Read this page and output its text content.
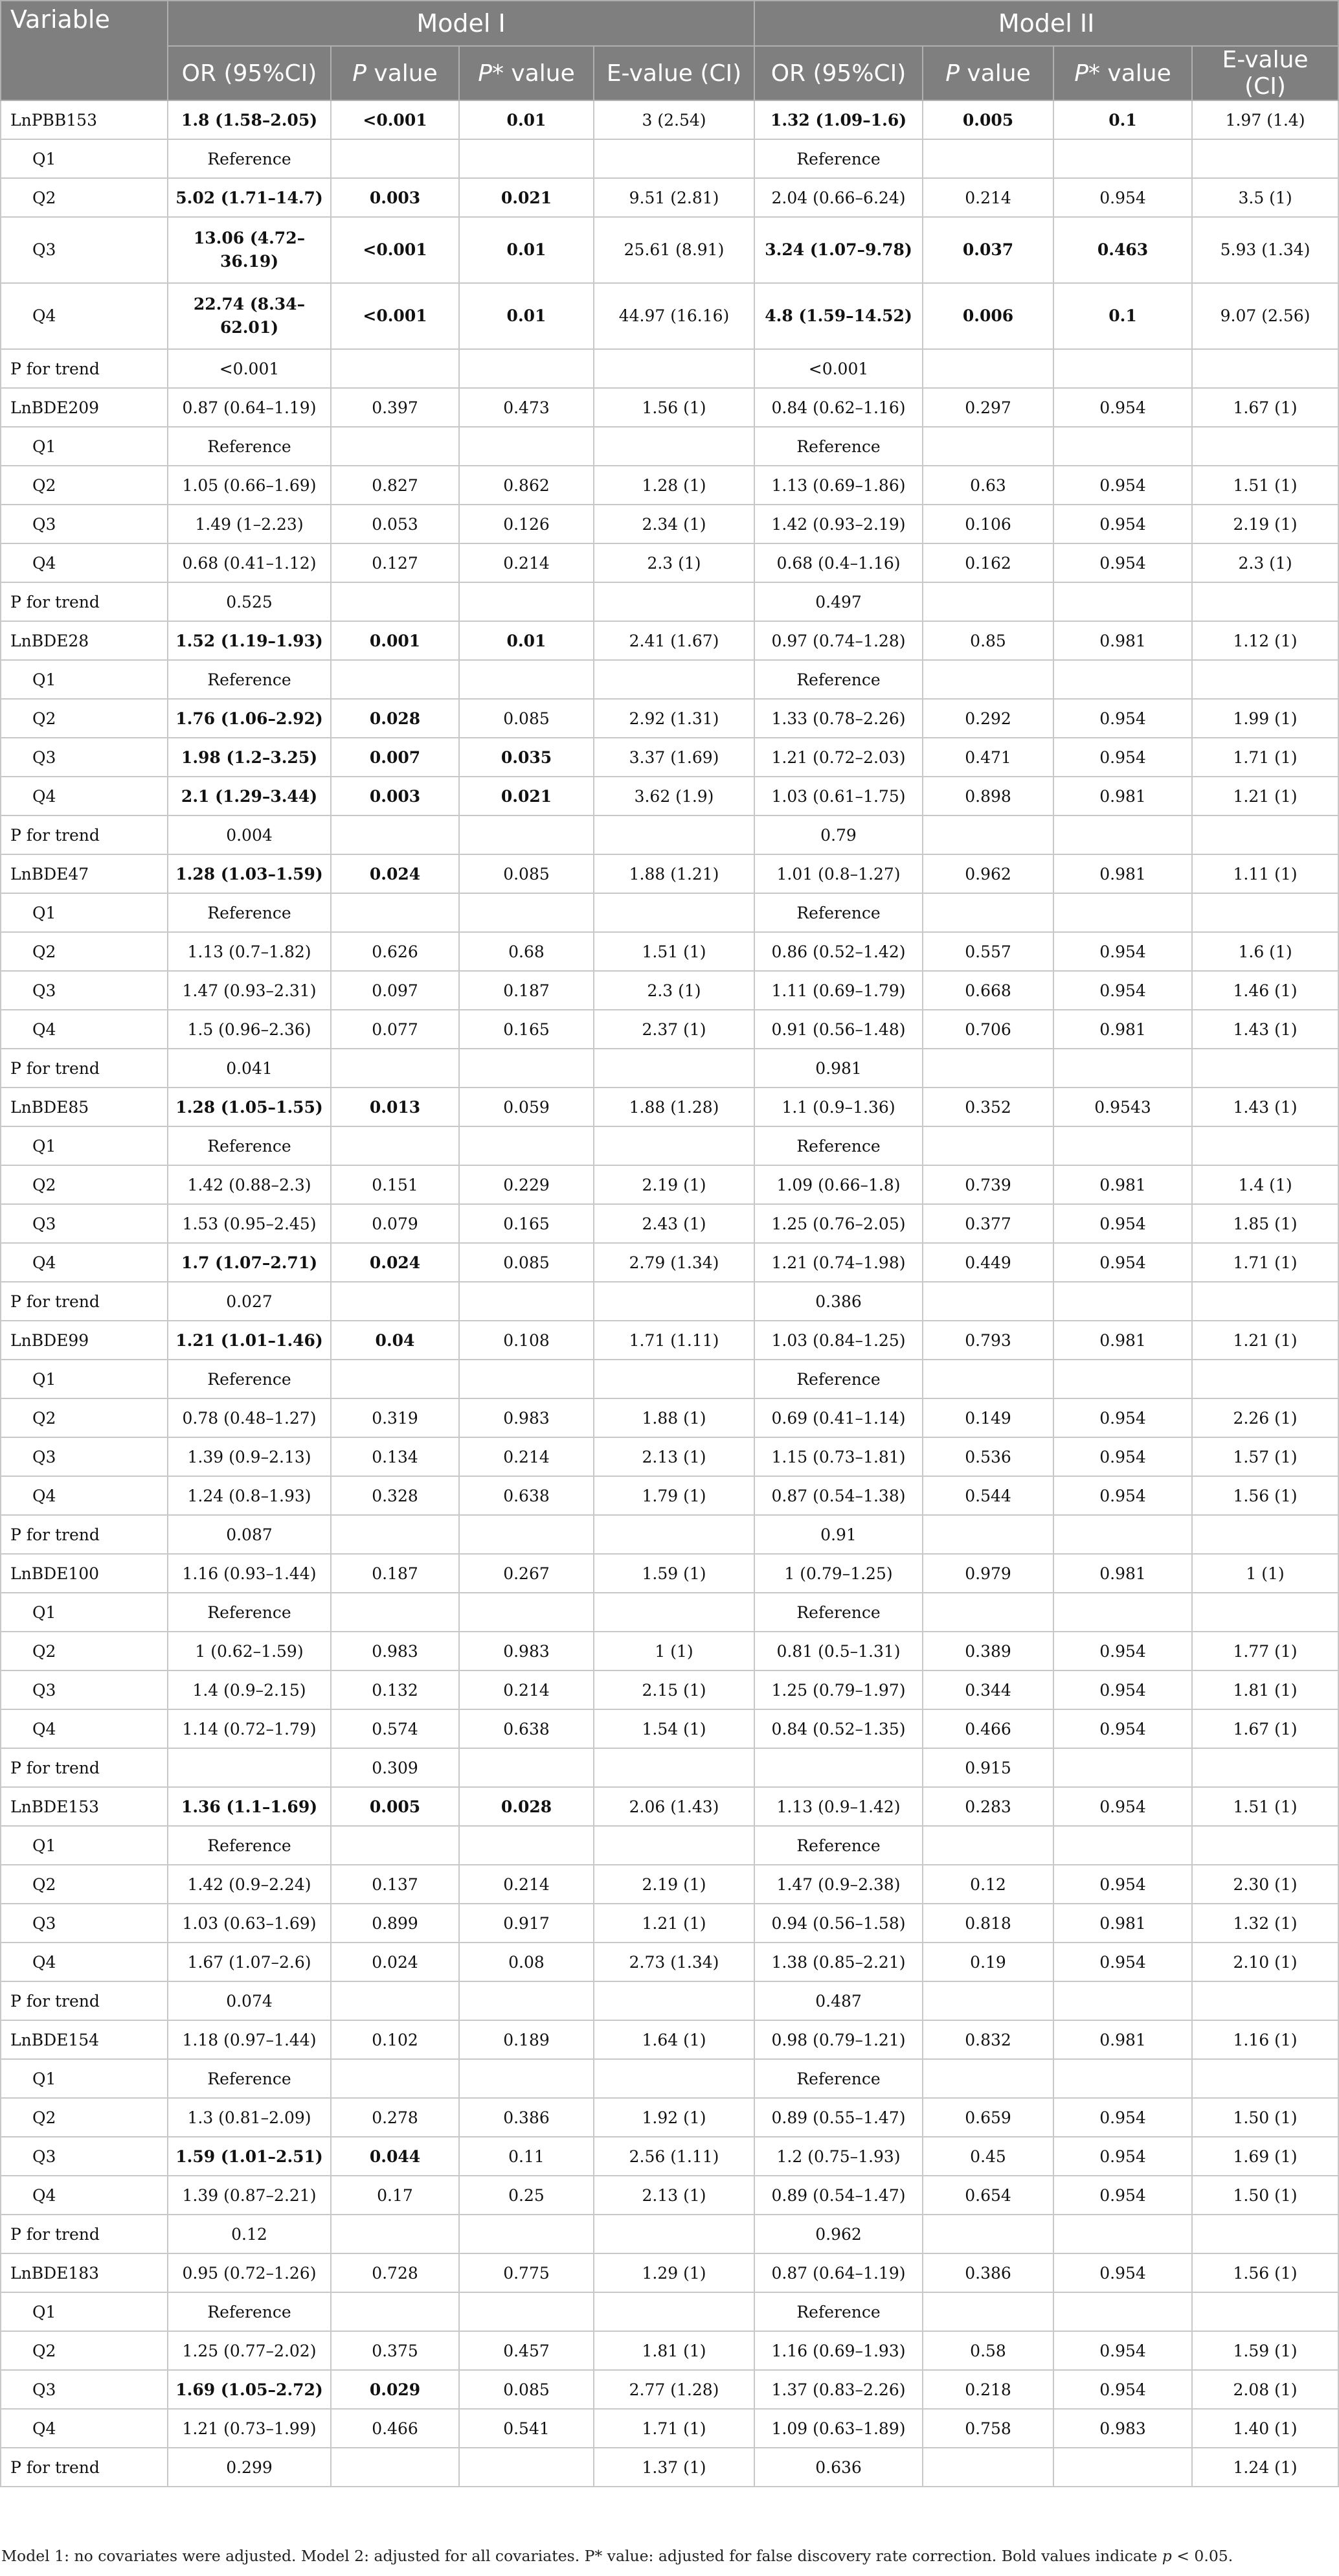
Variable	Model I				Model II			
	OR (95%CI)	P value	P* value	E-value (CI)	OR (95%CI)	P value	P* value	E-value (CI)
LnPBB153	1.8 (1.58–2.05)	<0.001	0.01	3 (2.54)	1.32 (1.09–1.6)	0.005	0.1	1.97 (1.4)
Q1	Reference				Reference			
Q2	5.02 (1.71–14.7)	0.003	0.021	9.51 (2.81)	2.04 (0.66–6.24)	0.214	0.954	3.5 (1)
Q3	13.06 (4.72–36.19)	<0.001	0.01	25.61 (8.91)	3.24 (1.07–9.78)	0.037	0.463	5.93 (1.34)
Q4	22.74 (8.34–62.01)	<0.001	0.01	44.97 (16.16)	4.8 (1.59–14.52)	0.006	0.1	9.07 (2.56)
P for trend	<0.001				<0.001			
LnBDE209	0.87 (0.64–1.19)	0.397	0.473	1.56 (1)	0.84 (0.62–1.16)	0.297	0.954	1.67 (1)
Q1	Reference				Reference			
Q2	1.05 (0.66–1.69)	0.827	0.862	1.28 (1)	1.13 (0.69–1.86)	0.63	0.954	1.51 (1)
Q3	1.49 (1–2.23)	0.053	0.126	2.34 (1)	1.42 (0.93–2.19)	0.106	0.954	2.19 (1)
Q4	0.68 (0.41–1.12)	0.127	0.214	2.3 (1)	0.68 (0.4–1.16)	0.162	0.954	2.3 (1)
P for trend	0.525				0.497			
LnBDE28	1.52 (1.19–1.93)	0.001	0.01	2.41 (1.67)	0.97 (0.74–1.28)	0.85	0.981	1.12 (1)
Q1	Reference				Reference			
Q2	1.76 (1.06–2.92)	0.028	0.085	2.92 (1.31)	1.33 (0.78–2.26)	0.292	0.954	1.99 (1)
Q3	1.98 (1.2–3.25)	0.007	0.035	3.37 (1.69)	1.21 (0.72–2.03)	0.471	0.954	1.71 (1)
Q4	2.1 (1.29–3.44)	0.003	0.021	3.62 (1.9)	1.03 (0.61–1.75)	0.898	0.981	1.21 (1)
P for trend	0.004				0.79			
LnBDE47	1.28 (1.03–1.59)	0.024	0.085	1.88 (1.21)	1.01 (0.8–1.27)	0.962	0.981	1.11 (1)
Q1	Reference				Reference			
Q2	1.13 (0.7–1.82)	0.626	0.68	1.51 (1)	0.86 (0.52–1.42)	0.557	0.954	1.6 (1)
Q3	1.47 (0.93–2.31)	0.097	0.187	2.3 (1)	1.11 (0.69–1.79)	0.668	0.954	1.46 (1)
Q4	1.5 (0.96–2.36)	0.077	0.165	2.37 (1)	0.91 (0.56–1.48)	0.706	0.981	1.43 (1)
P for trend	0.041				0.981			
LnBDE85	1.28 (1.05–1.55)	0.013	0.059	1.88 (1.28)	1.1 (0.9–1.36)	0.352	0.9543	1.43 (1)
Q1	Reference				Reference			
Q2	1.42 (0.88–2.3)	0.151	0.229	2.19 (1)	1.09 (0.66–1.8)	0.739	0.981	1.4 (1)
Q3	1.53 (0.95–2.45)	0.079	0.165	2.43 (1)	1.25 (0.76–2.05)	0.377	0.954	1.85 (1)
Q4	1.7 (1.07–2.71)	0.024	0.085	2.79 (1.34)	1.21 (0.74–1.98)	0.449	0.954	1.71 (1)
P for trend	0.027				0.386			
LnBDE99	1.21 (1.01–1.46)	0.04	0.108	1.71 (1.11)	1.03 (0.84–1.25)	0.793	0.981	1.21 (1)
Q1	Reference				Reference			
Q2	0.78 (0.48–1.27)	0.319	0.983	1.88 (1)	0.69 (0.41–1.14)	0.149	0.954	2.26 (1)
Q3	1.39 (0.9–2.13)	0.134	0.214	2.13 (1)	1.15 (0.73–1.81)	0.536	0.954	1.57 (1)
Q4	1.24 (0.8–1.93)	0.328	0.638	1.79 (1)	0.87 (0.54–1.38)	0.544	0.954	1.56 (1)
P for trend	0.087				0.91			
LnBDE100	1.16 (0.93–1.44)	0.187	0.267	1.59 (1)	1 (0.79–1.25)	0.979	0.981	1 (1)
Q1	Reference				Reference			
Q2	1 (0.62–1.59)	0.983	0.983	1 (1)	0.81 (0.5–1.31)	0.389	0.954	1.77 (1)
Q3	1.4 (0.9–2.15)	0.132	0.214	2.15 (1)	1.25 (0.79–1.97)	0.344	0.954	1.81 (1)
Q4	1.14 (0.72–1.79)	0.574	0.638	1.54 (1)	0.84 (0.52–1.35)	0.466	0.954	1.67 (1)
P for trend		0.309				0.915		
LnBDE153	1.36 (1.1–1.69)	0.005	0.028	2.06 (1.43)	1.13 (0.9–1.42)	0.283	0.954	1.51 (1)
Q1	Reference				Reference			
Q2	1.42 (0.9–2.24)	0.137	0.214	2.19 (1)	1.47 (0.9–2.38)	0.12	0.954	2.30 (1)
Q3	1.03 (0.63–1.69)	0.899	0.917	1.21 (1)	0.94 (0.56–1.58)	0.818	0.981	1.32 (1)
Q4	1.67 (1.07–2.6)	0.024	0.08	2.73 (1.34)	1.38 (0.85–2.21)	0.19	0.954	2.10 (1)
P for trend	0.074				0.487			
LnBDE154	1.18 (0.97–1.44)	0.102	0.189	1.64 (1)	0.98 (0.79–1.21)	0.832	0.981	1.16 (1)
Q1	Reference				Reference			
Q2	1.3 (0.81–2.09)	0.278	0.386	1.92 (1)	0.89 (0.55–1.47)	0.659	0.954	1.50 (1)
Q3	1.59 (1.01–2.51)	0.044	0.11	2.56 (1.11)	1.2 (0.75–1.93)	0.45	0.954	1.69 (1)
Q4	1.39 (0.87–2.21)	0.17	0.25	2.13 (1)	0.89 (0.54–1.47)	0.654	0.954	1.50 (1)
P for trend	0.12				0.962			
LnBDE183	0.95 (0.72–1.26)	0.728	0.775	1.29 (1)	0.87 (0.64–1.19)	0.386	0.954	1.56 (1)
Q1	Reference				Reference			
Q2	1.25 (0.77–2.02)	0.375	0.457	1.81 (1)	1.16 (0.69–1.93)	0.58	0.954	1.59 (1)
Q3	1.69 (1.05–2.72)	0.029	0.085	2.77 (1.28)	1.37 (0.83–2.26)	0.218	0.954	2.08 (1)
Q4	1.21 (0.73–1.99)	0.466	0.541	1.71 (1)	1.09 (0.63–1.89)	0.758	0.983	1.40 (1)
P for trend	0.299			1.37 (1)	0.636			1.24 (1)
Model 1: no covariates were adjusted. Model 2: adjusted for all covariates. P* value: adjusted for false discovery rate correction. Bold values indicate p < 0.05.
